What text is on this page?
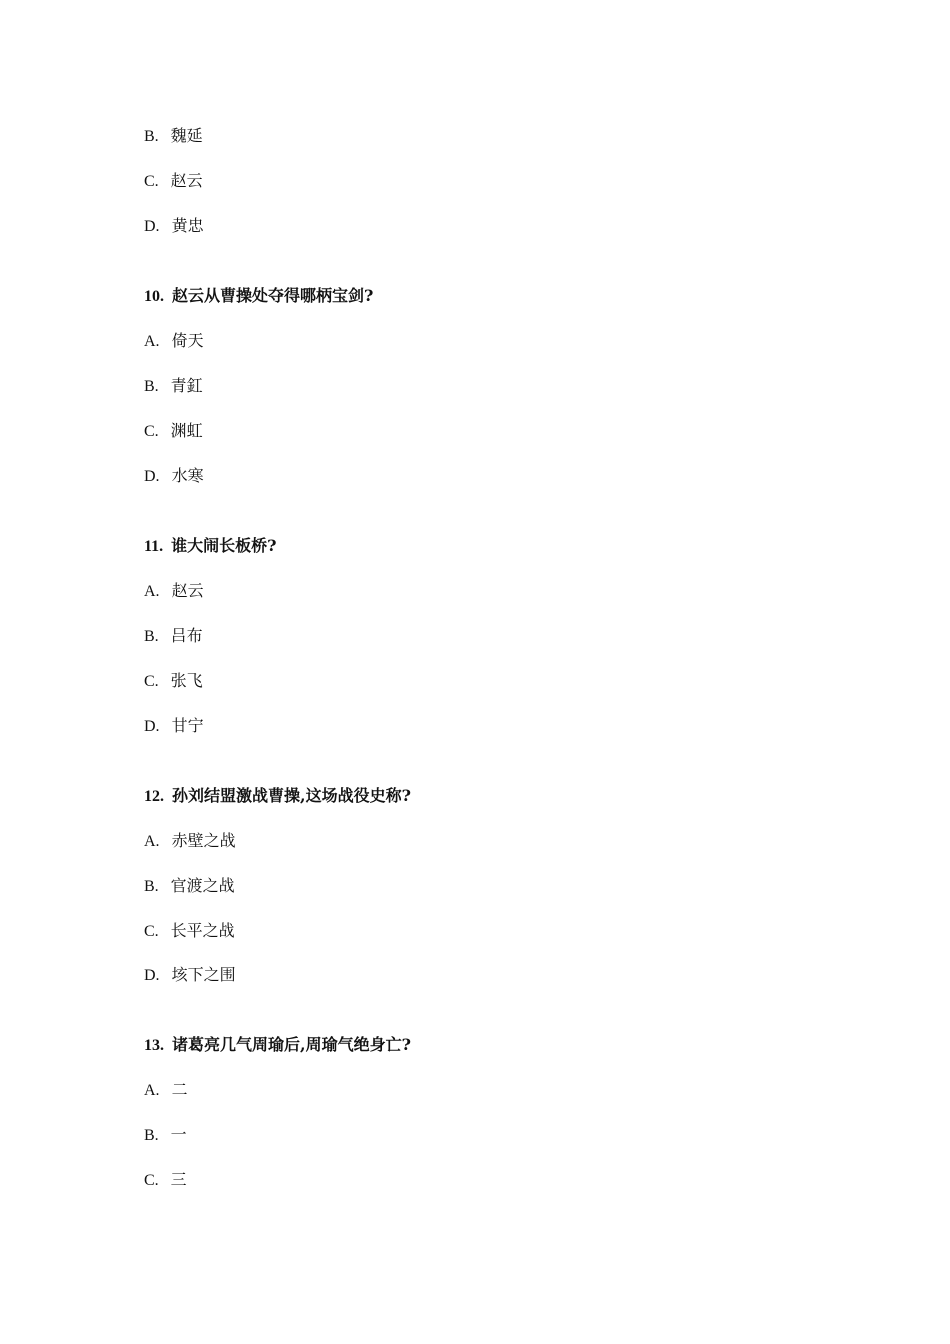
B. 魏延
C. 赵云
D. 黄忠
10. 赵云从曹操处夺得哪柄宝剑?
A. 倚天
B. 青釭
C. 渊虹
D. 水寒
11. 谁大闹长板桥?
A. 赵云
B. 吕布
C. 张飞
D. 甘宁
12. 孙刘结盟激战曹操,这场战役史称?
A. 赤壁之战
B. 官渡之战
C. 长平之战
D. 垓下之围
13. 诸葛亮几气周瑜后,周瑜气绝身亡?
A. 二
B. 一
C. 三
